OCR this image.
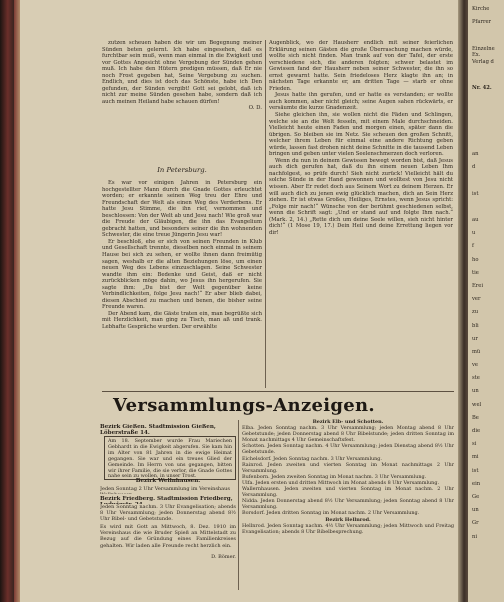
zutzen scheuen haben die wir um Begegnung meiner Sünden beten gelernt. Ich habe eingesehen, daß es furchtbar sein muß, wenn man einmal in die Ewigkeit und vor Gottes Angesicht ohne Vergebung der Sünden gehen muß. Ich habe den Hütern predigen müssen, daß Er nie noch Frost gegeben hat, Seine Vergebung zu suchen. Endlich, und dies ist doch das Schönste, habe ich Den gefunden, der Sünden vergibt! Gott sei gelobt, daß ich nicht zur meine Sünden gesehen habe, sondern daß ich auch meinen Heiland habe schauen dürfen!

O. D.
In Petersburg.

Es war vor einigen Jahren in Petersburg ein hochgestellter Mann durch die Gnade Gottes erleuchtet worden; er erkannte seinen Weg treu der Ehre und Freundschaft der Welt als einen Weg des Verderbens. Er hatte Jesu Stimme, die ihn rief, vernommen und beschlossen: Von der Welt ab und Jesu nach! Wie groß war die Freude der Gläubigen, die ihn das Evangelium gebracht hatten, und besonders seiner die ihn wohnenden Schwester, die eine treue Jüngerin Jesu war!

Er beschloß, ehe er sich von seinen Freunden in Klub und Gesellschaft trennte, dieselben noch einmal in seinem Hause bei sich zu sehen, er wollte ihnen dann freimütig sagen, weshalb er die alten Beziehungen löse, um einen neuen Weg des Lebens einzuschlagen. Seine Schwester wandte ihm ein: Bedenke und Geist, daß er nicht zurückblicken möge dahin, wo Jesus ihn hergerufen. Sie sagte ihm: „Du bist der Welt gegenüber keine Verbindlichkeiten, folge Jesu nach!“ Er aber blieb dabei, diesen Abschied zu machen und benen, die bisher seine Freunde waren.

Der Abend kam, die Gäste traten ein, man begrüßte sich mit Herzlichkeit, man ging zu Tisch, man aß und trank. Lebhafte Gespräche wurden. Der erwählte

Augenblick, wo der Hausherr endlich mit seiner feierlichen Erklärung seinen Gästen die große Überraschung machen würde, wollte sich nicht finden. Man trank auf von der Tafel, der erste verschiedene sich, die anderen folgten; schwer belastet im Gewissen fand der Hausherr neben seiner Schwester, die ihn so ernst gewarnt hatte. Sein friedeloses Herz klagte ihn an; in nächsten Tage erkannte er, am dritten Tage — starb er ohne Frieden.

Jesus hatte ihn gerufen, und er hatte es verstanden; er wollte auch kommen, aber nicht gleich; seine Augen sahen rückwärts, er versäumte die kurze Gnadenzeit.

Siehe gleichen ihn, sie wollen nicht die Fäden und Schlingen, welche sie an die Welt fesseln, mit einem Male durchschneiden. Vielleicht heute einen Faden und morgen einen, später dann die übrigen. So bleiben sie im Netz. Sie scheuen den großen Schnitt, welcher ihrem Leben für einmal eine andere Richtung geben würde, lassen fast drohen nicht deine Schnitte in die tausend Leben bringen und geben unter vielen Seelenschmerzen doch verloren.

Wenn du nun in deinem Gewissen bewegt worden bist, daß Jesus auch dich gerufen hat, daß du ihn einem neuen Leben Ihm nachfolgest, so prüfe durch! Sieh nicht zurück! Vielleicht hält du solche Sünde in der Hand gewonnen und wolltest von Jesu nicht wissen. Aber Er redet doch aus Seinem Wort zu deinem Herzen. Er will auch dich zu jenen ewig glücklich machen, dich an Sein Herz ziehen. Er ist etwas Großes, Heiliges, Ernstes, wenn Jesus spricht: „Folge mir nach!“ Wünsche von der berühmt geschiedenen selbst, wenn die Schrift sagt: „Und er stand auf und folgte Ihm nach.“ (Mark. 2, 14.) „Rette dich um deine Seele willen, sieh nicht hinter dich!“ (1 Mose 19, 17.) Dein Heil und deine Errettung liegen vor dir!

Versammlungs-Anzeigen.
Bezirk Gießen. Stadtmission Gießen, Löberstraße 14.
Am 18. September wurde Frau Mariechen Gebhardt in die Ewigkeit abgerufen. Sie kam hin im Alter von 81 Jahren in die ewige Heimat gegangen. Sie war und ein treues Glied der Gemeinde. Im Herrn von uns gegangen, bitten wir ihrer Familie, die sie verlor, die Gnade Gottes nahe sein zu wollen, in unser Trost.
Bezirk Wellnhausen.
Jeden Sonntag 2 Uhr Versammlung im Vereinshaus
Bezirk Friedberg. Stadtmission Friedberg,
Jeden Sonntag nachm. 3 Uhr Evangelisation; abends 8 Uhr Versammlung; jeden Donnerstag abend 8½ Uhr Bibel- und Gebetstunde.
Es wird mit Gott an Mittwoch, 8. Dez. 1910 im Vereinshaus die wie Bruder Spieß an Mittelstadt zu Bezug auf die Gründung eines Familienkreises gehalten. Wir laden alle Freunde recht herzlich ein.
D. Bömer.
Bezirk Elb- und Schotten.

Elba. Jeden Sonntag nachm. 3 Uhr Versammlung; jeden Montag abend 8 Uhr Gebetstunde; jeden Donnerstag abend 8 Uhr Bibelstunde; jeden dritten Sonntag im Monat nachmittags 4 Uhr Gemeinschaftsfest.

Schotten. Jeden Sonntag nachm. 4 Uhr Versammlung; jeden Dienstag abend 8½ Uhr Gebetstunde.

Eichelsdorf. Jeden Sonntag nachm. 3 Uhr Versammlung.

Rainrod. Jeden zweiten und vierten Sonntag im Monat nachmittags 2 Uhr Versammlung.

Bufenborn. Jeden zweiten Sonntag im Monat nachm. 3 Uhr Versammlung.

Ulfa. Jeden ersten und dritten Mittwoch im Monat abends 8 Uhr Versammlung.

Wallernhausen. Jeden zweiten und vierten Sonntag im Monat nachm. 2 Uhr Versammlung.

Nidda. Jeden Donnerstag abend 8½ Uhr Versammlung; jeden Sonntag abend 8 Uhr Versammlung.

Borsdorf. Jeden dritten Sonntag im Monat nachm. 2 Uhr Versammlung.

Bezirk Hellnrod.

Hellnrod. Jeden Sonntag nachm. 4½ Uhr Versammlung; jeden Mittwoch und Freitag Evangelisation; abends 8 Uhr Bibelbesprechung.

Kirche
Pfarrer
Einzelne Ex.
Verlag d
Nr. 42.
an
d
ist
au
u
f
ho
tie
Erei
ver
zu
bli
ur
mü
ve
ste
un
wel
Be
die
si
mi
ist
ein
Ge
un
Gr
ni
